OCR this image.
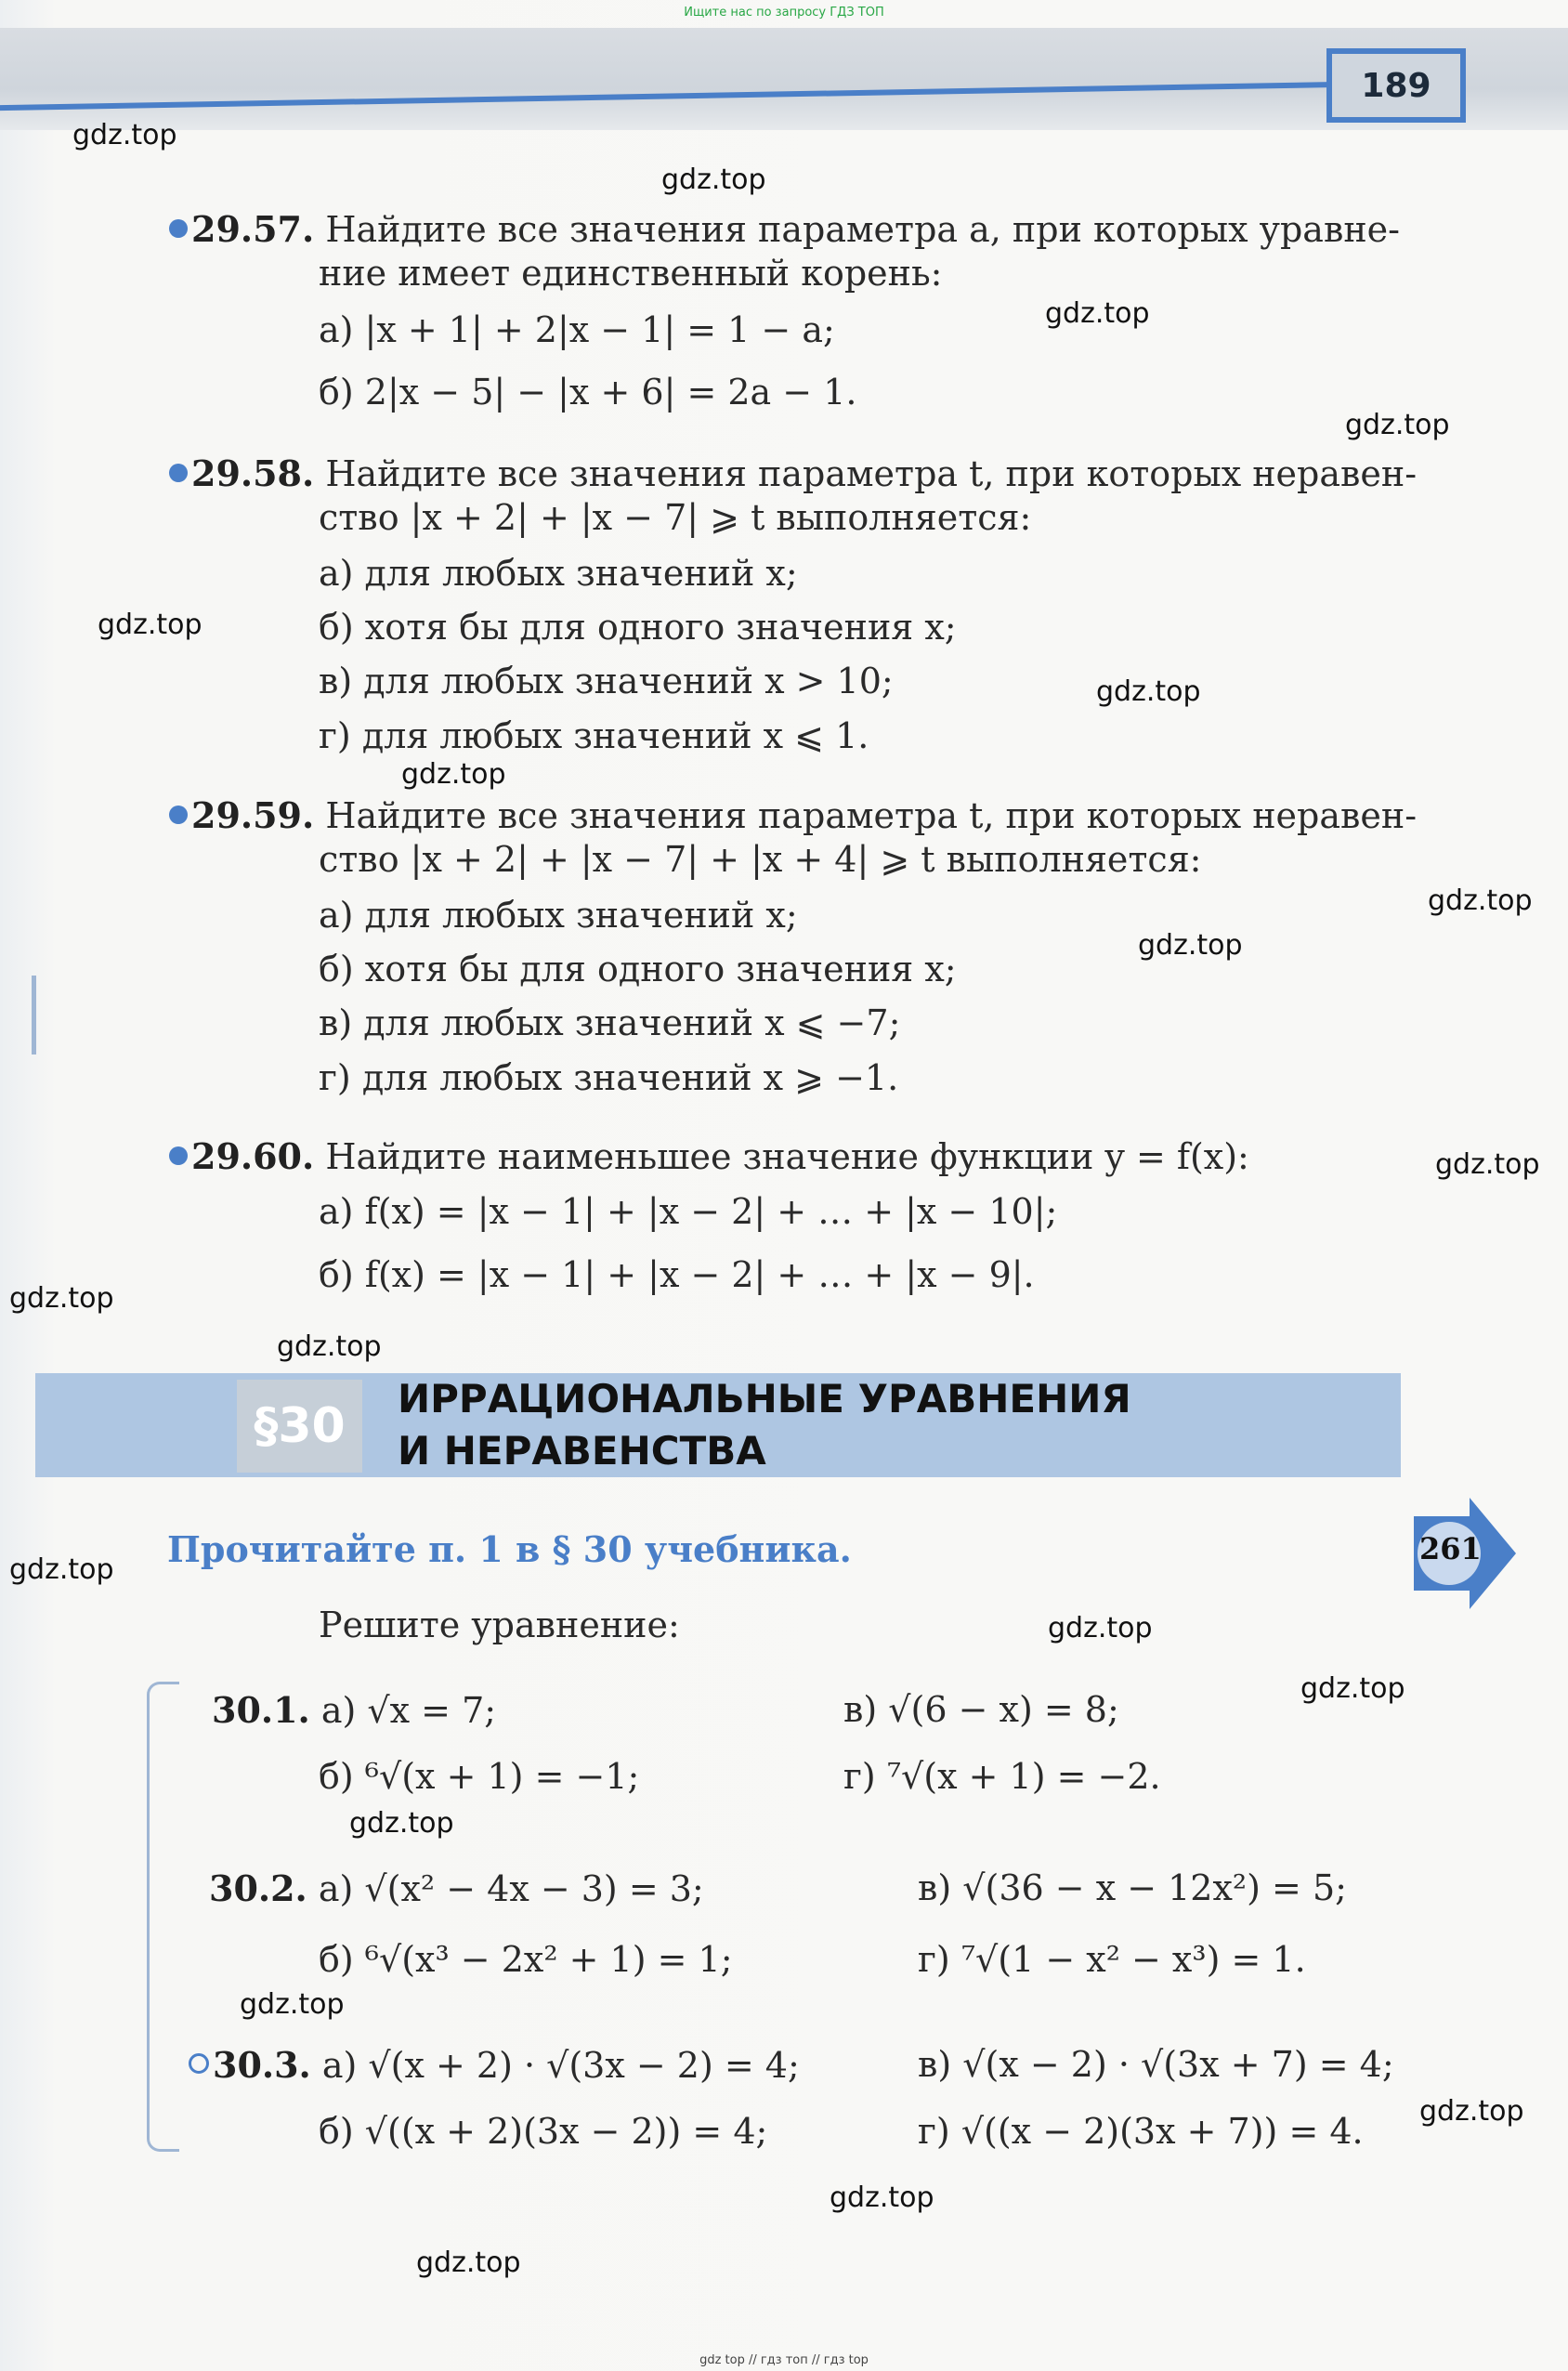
Ищите нас по запросу ГДЗ ТОП
189
gdz.top
gdz.top
gdz.top
gdz.top
gdz.top
gdz.top
gdz.top
gdz.top
gdz.top
gdz.top
gdz.top
gdz.top
gdz.top
gdz.top
gdz.top
gdz.top
gdz.top
gdz.top
gdz.top
gdz.top
29.57. Найдите все значения параметра a, при которых уравне-
ние имеет единственный корень:
а) |x + 1| + 2|x − 1| = 1 − a;
б) 2|x − 5| − |x + 6| = 2a − 1.
29.58. Найдите все значения параметра t, при которых неравен-
ство |x + 2| + |x − 7| ⩾ t выполняется:
а) для любых значений x;
б) хотя бы для одного значения x;
в) для любых значений x > 10;
г) для любых значений x ⩽ 1.
29.59. Найдите все значения параметра t, при которых неравен-
ство |x + 2| + |x − 7| + |x + 4| ⩾ t выполняется:
а) для любых значений x;
б) хотя бы для одного значения x;
в) для любых значений x ⩽ −7;
г) для любых значений x ⩾ −1.
29.60. Найдите наименьшее значение функции y = f(x):
а) f(x) = |x − 1| + |x − 2| + … + |x − 10|;
б) f(x) = |x − 1| + |x − 2| + … + |x − 9|.
§30	ИРРАЦИОНАЛЬНЫЕ УРАВНЕНИЯ
И НЕРАВЕНСТВА
Прочитайте п. 1 в § 30 учебника.	261
Решите уравнение:
30.1. а) √x = 7;	в) √(6 − x) = 8;
б) ⁶√(x + 1) = −1;	г) ⁷√(x + 1) = −2.
30.2. а) √(x² − 4x − 3) = 3;	в) √(36 − x − 12x²) = 5;
б) ⁶√(x³ − 2x² + 1) = 1;	г) ⁷√(1 − x² − x³) = 1.
30.3. а) √(x + 2) · √(3x − 2) = 4;	в) √(x − 2) · √(3x + 7) = 4;
б) √((x + 2)(3x − 2)) = 4;	г) √((x − 2)(3x + 7)) = 4.
gdz top // гдз топ // гдз top
